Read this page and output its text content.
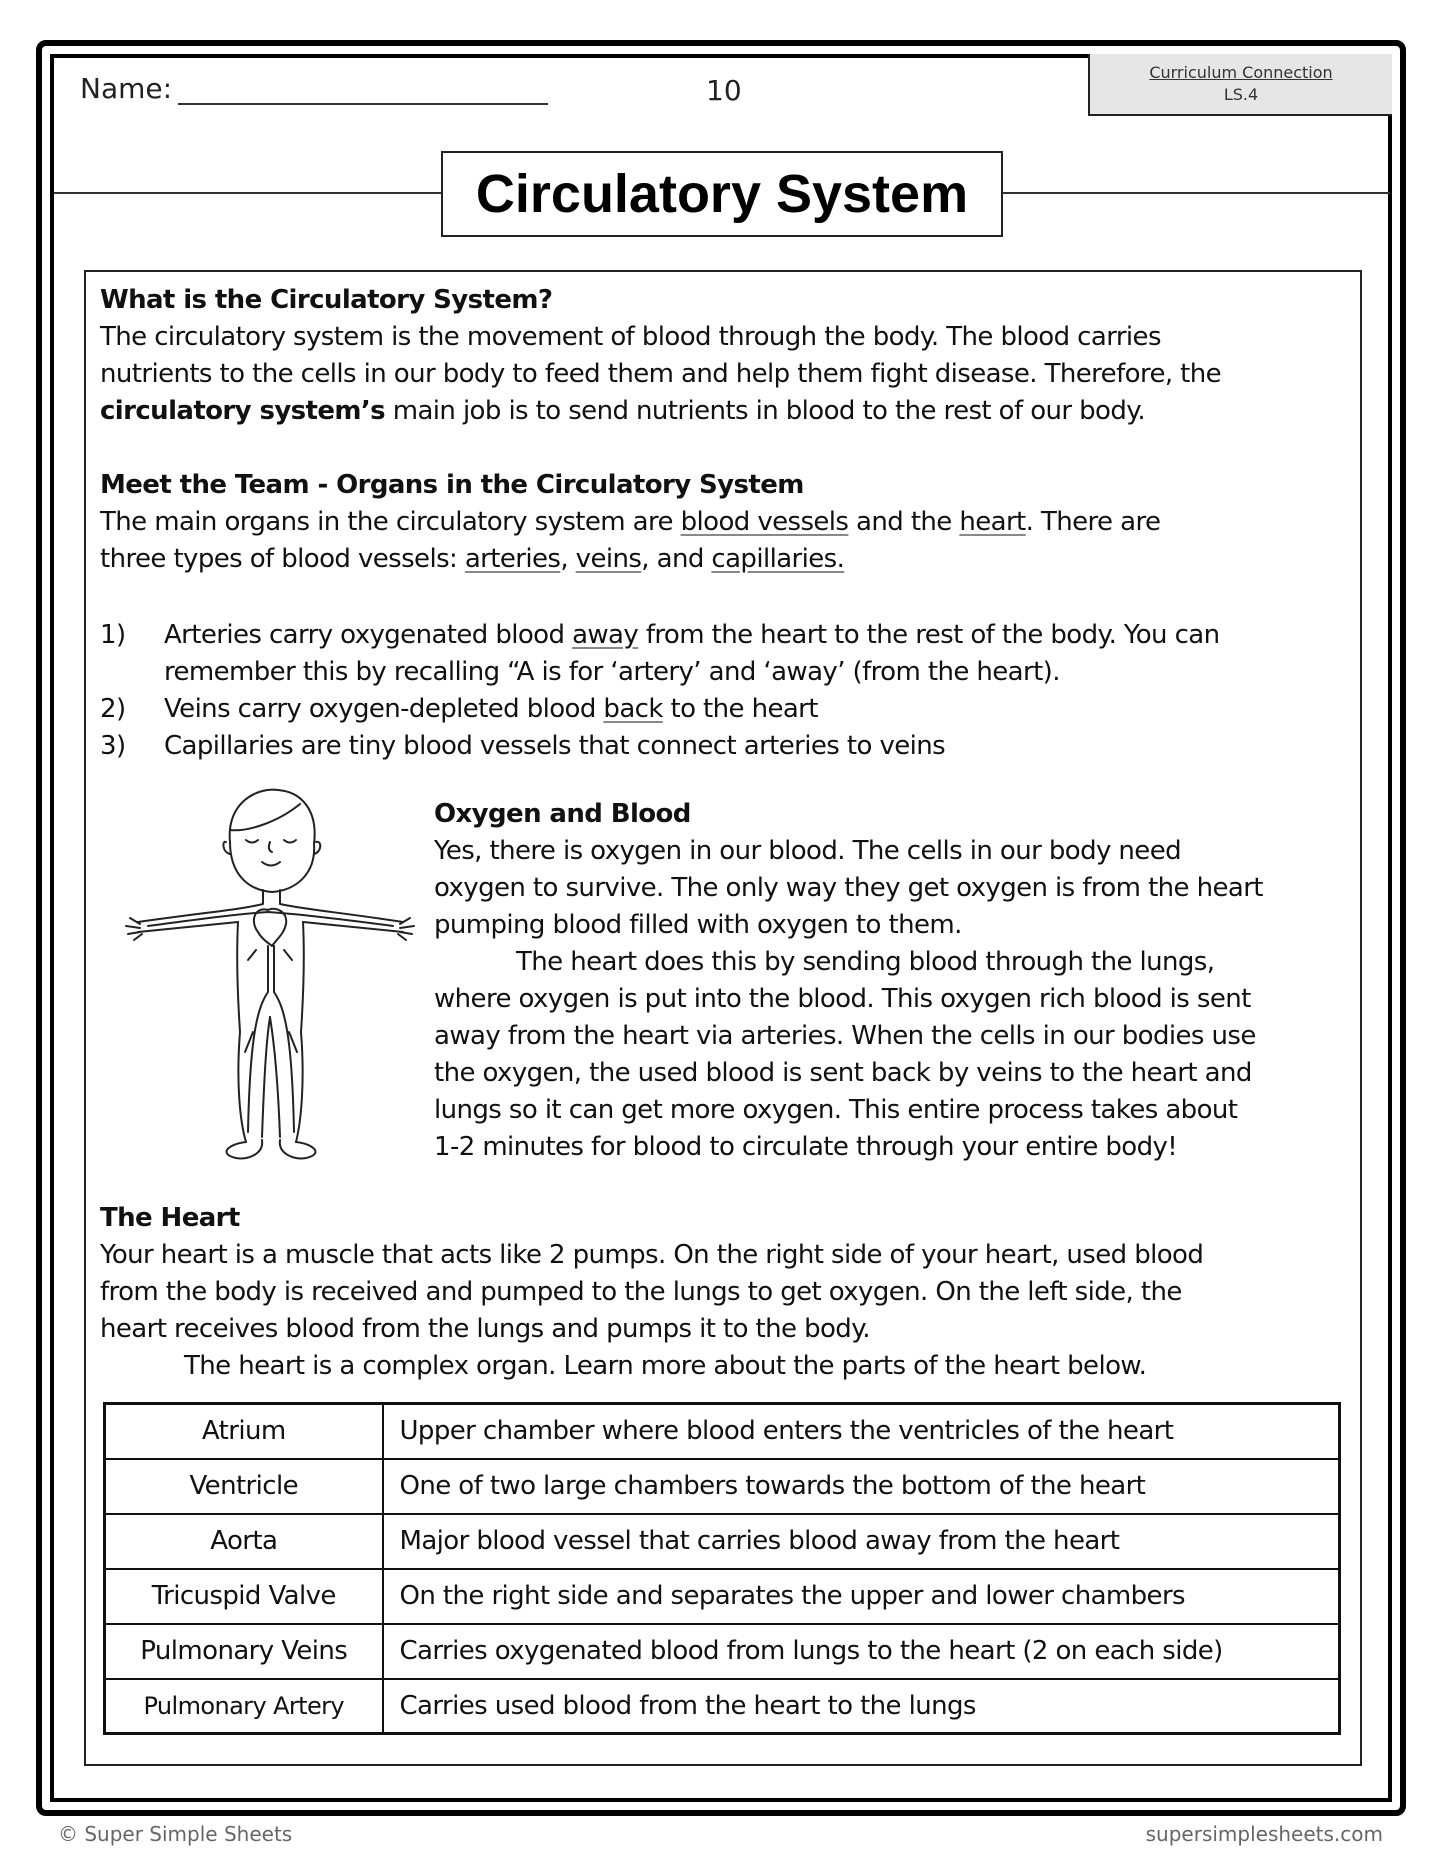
Name:	10
Curriculum Connection
LS.4
Circulatory System
What is the Circulatory System?
The circulatory system is the movement of blood through the body. The blood carries
nutrients to the cells in our body to feed them and help them fight disease. Therefore, the
circulatory system’s main job is to send nutrients in blood to the rest of our body.
Meet the Team - Organs in the Circulatory System
The main organs in the circulatory system are blood vessels and the heart. There are
three types of blood vessels: arteries, veins, and capillaries.
1)	Arteries carry oxygenated blood away from the heart to the rest of the body. You can
remember this by recalling “A is for ‘artery’ and ‘away’ (from the heart).
2)	Veins carry oxygen-depleted blood back to the heart
3)	Capillaries are tiny blood vessels that connect arteries to veins
Oxygen and Blood
Yes, there is oxygen in our blood. The cells in our body need
oxygen to survive. The only way they get oxygen is from the heart
pumping blood filled with oxygen to them.
The heart does this by sending blood through the lungs,
where oxygen is put into the blood. This oxygen rich blood is sent
away from the heart via arteries. When the cells in our bodies use
the oxygen, the used blood is sent back by veins to the heart and
lungs so it can get more oxygen. This entire process takes about
1-2 minutes for blood to circulate through your entire body!
The Heart
Your heart is a muscle that acts like 2 pumps. On the right side of your heart, used blood
from the body is received and pumped to the lungs to get oxygen. On the left side, the
heart receives blood from the lungs and pumps it to the body.
The heart is a complex organ. Learn more about the parts of the heart below.
Atrium	Upper chamber where blood enters the ventricles of the heart
Ventricle	One of two large chambers towards the bottom of the heart
Aorta	Major blood vessel that carries blood away from the heart
Tricuspid Valve	On the right side and separates the upper and lower chambers
Pulmonary Veins	Carries oxygenated blood from lungs to the heart (2 on each side)
Pulmonary Artery	Carries used blood from the heart to the lungs
© Super Simple Sheets	supersimplesheets.com
